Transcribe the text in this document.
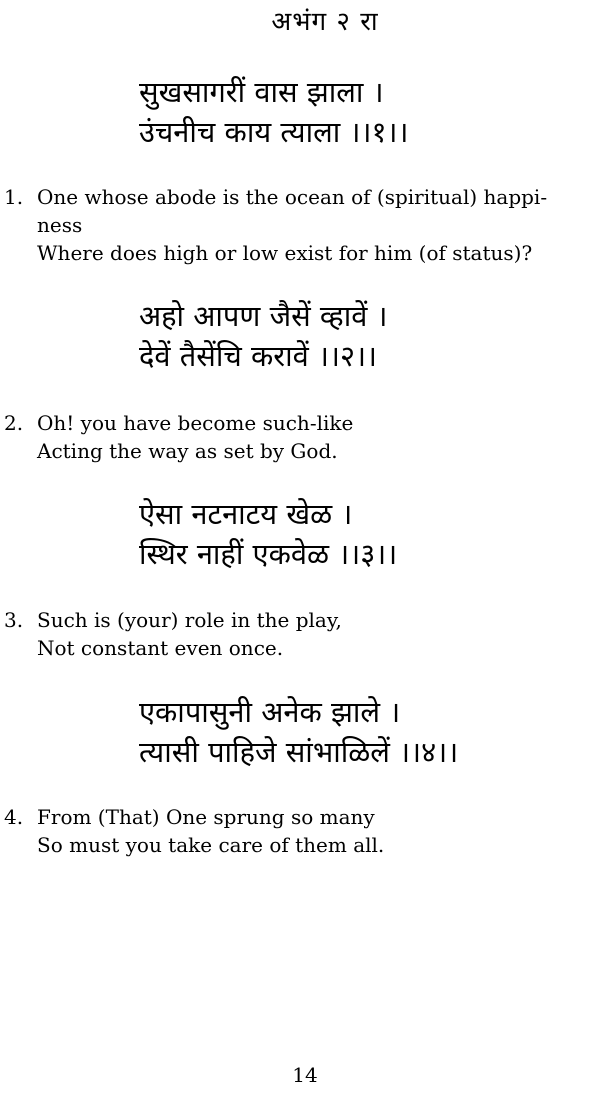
अभंग २ रा
सुखसागरीं वास झाला ।
उंचनीच काय त्याला ।।१।।
1. One whose abode is the ocean of (spiritual) happi-
ness
Where does high or low exist for him (of status)?
अहो आपण जैसें व्हावें ।
देवें तैसेंचि करावें ।।२।।
2. Oh! you have become such-like
Acting the way as set by God.
ऐसा नटनाटय खेळ ।
स्थिर नाहीं एकवेळ ।।३।।
3. Such is (your) role in the play,
Not constant even once.
एकापासुनी अनेक झाले ।
त्यासी पाहिजे सांभाळिलें ।।४।।
4. From (That) One sprung so many
So must you take care of them all.
14
